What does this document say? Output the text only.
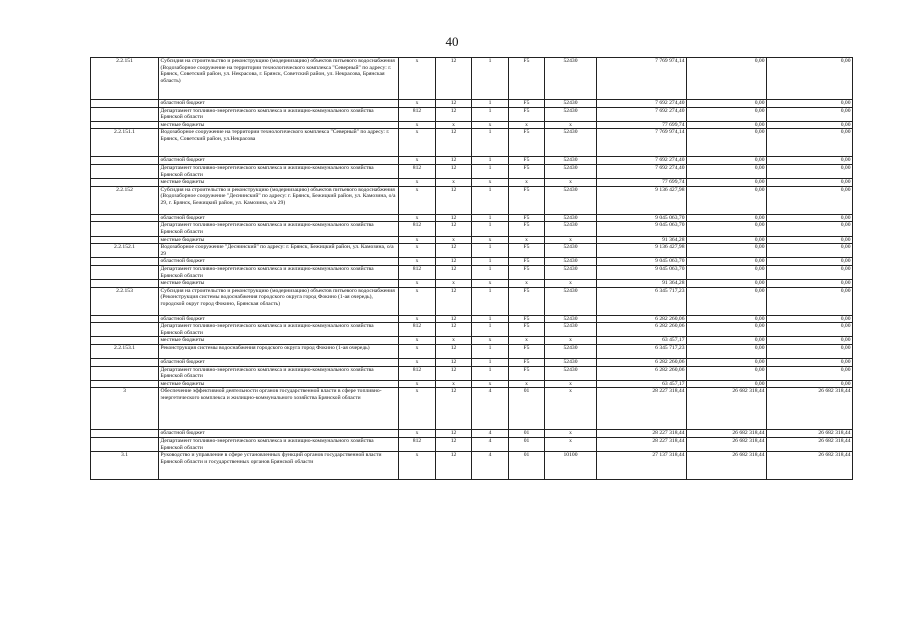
40
2.2.151	Субсидия на строительство и реконструкцию (модернизацию) объектов питьевого водоснабжения (Водозаборное сооружение на территории технологического комплекса "Северный" по адресу: г. Брянск, Советский район, ул. Некрасова, г. Брянск, Советский район, ул. Некрасова, Брянская область)	х	12	1	F5	52430	7 769 974,14	0,00	0,00
	областной бюджет	х	12	1	F5	52430	7 692 274,40	0,00	0,00
	Департамент топливно-энергетического комплекса и жилищно-коммунального хозяйства Брянской области	812	12	1	F5	52430	7 692 274,40	0,00	0,00
	местные бюджеты	х	х	х	х	х	77 699,74	0,00	0,00
2.2.151.1	Водозаборное сооружение на территории технологического комплекса "Северный" по адресу: г. Брянск, Советский район, ул.Некрасова	х	12	1	F5	52430	7 769 974,14	0,00	0,00
	областной бюджет	х	12	1	F5	52430	7 692 274,40	0,00	0,00
	Департамент топливно-энергетического комплекса и жилищно-коммунального хозяйства Брянской области	812	12	1	F5	52430	7 692 274,40	0,00	0,00
	местные бюджеты	х	х	х	х	х	77 699,74	0,00	0,00
2.2.152	Субсидия на строительство и реконструкцию (модернизацию) объектов питьевого водоснабжения (Водозаборное сооружение "Деснинский" по адресу: г. Брянск, Бежицкий район, ул. Камозина, о/а 29, г. Брянск, Бежицкий район, ул. Камозина, о/а 29)	х	12	1	F5	52430	9 136 427,98	0,00	0,00
	областной бюджет	х	12	1	F5	52430	9 045 063,70	0,00	0,00
	Департамент топливно-энергетического комплекса и жилищно-коммунального хозяйства Брянской области	812	12	1	F5	52430	9 045 063,70	0,00	0,00
	местные бюджеты	х	х	х	х	х	91 364,28	0,00	0,00
2.2.152.1	Водозаборное сооружение "Деснинский" по адресу: г. Брянск, Бежицкий район, ул. Камозина, о/а 29	х	12	1	F5	52430	9 136 427,98	0,00	0,00
	областной бюджет	х	12	1	F5	52430	9 045 063,70	0,00	0,00
	Департамент топливно-энергетического комплекса и жилищно-коммунального хозяйства Брянской области	812	12	1	F5	52430	9 045 063,70	0,00	0,00
	местные бюджеты	х	х	х	х	х	91 364,28	0,00	0,00
2.2.153	Субсидия на строительство и реконструкцию (модернизацию) объектов питьевого водоснабжения (Реконструкция системы водоснабжения городского округа город Фокино (1-ая очередь), городской округ город Фокино, Брянская область)	х	12	1	F5	52430	6 345 717,23	0,00	0,00
	областной бюджет	х	12	1	F5	52430	6 282 260,06	0,00	0,00
	Департамент топливно-энергетического комплекса и жилищно-коммунального хозяйства Брянской области	812	12	1	F5	52430	6 282 260,06	0,00	0,00
	местные бюджеты	х	х	х	х	х	63 457,17	0,00	0,00
2.2.153.1	Реконструкция системы водоснабжения городского округа город Фокино (1-ая очередь)	х	12	1	F5	52430	6 345 717,23	0,00	0,00
	областной бюджет	х	12	1	F5	52430	6 282 260,06	0,00	0,00
	Департамент топливно-энергетического комплекса и жилищно-коммунального хозяйства Брянской области	812	12	1	F5	52430	6 282 260,06	0,00	0,00
	местные бюджеты	х	х	х	х	х	63 457,17	0,00	0,00
3	Обеспечение эффективной деятельности органов государственной власти в сфере топливно-энергетического комплекса и жилищно-коммунального хозяйства Брянской области	х	12	4	01	х	28 227 318,44	26 682 318,44	26 682 318,44
	областной бюджет	х	12	4	01	х	28 227 318,44	26 682 318,44	26 682 318,44
	Департамент топливно-энергетического комплекса и жилищно-коммунального хозяйства Брянской области	812	12	4	01	х	28 227 318,44	26 682 318,44	26 682 318,44
3.1	Руководство и управление в сфере установленных функций органов государственной власти Брянской области и государственных органов Брянской области	х	12	4	01	10100	27 137 318,44	26 682 318,44	26 682 318,44
